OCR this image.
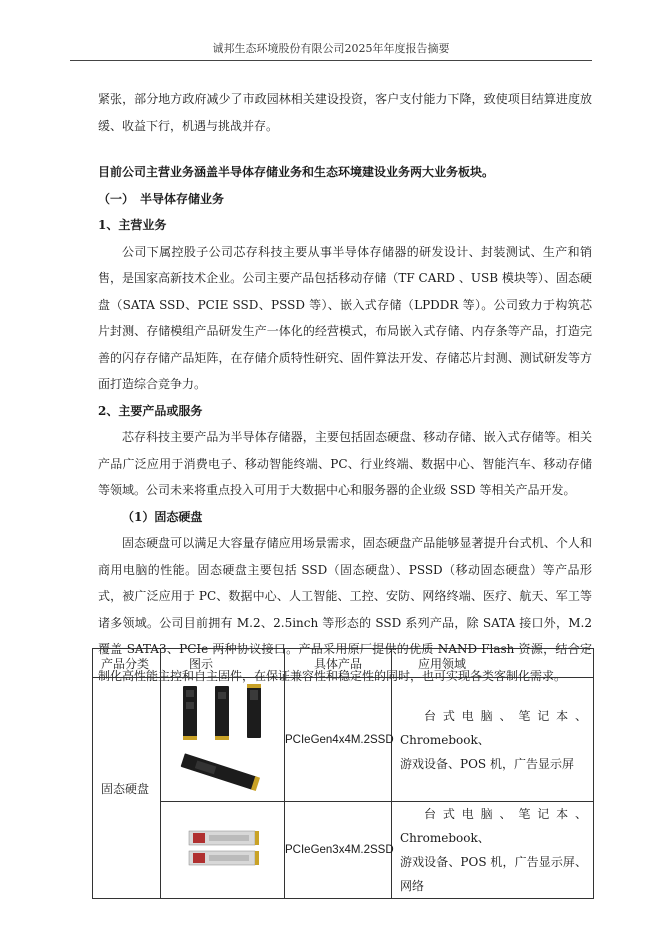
诚邦生态环境股份有限公司2025年年度报告摘要

紧张，部分地方政府减少了市政园林相关建设投资，客户支付能力下降，致使项目结算进度放缓、收益下行，机遇与挑战并存。

目前公司主营业务涵盖半导体存储业务和生态环境建设业务两大业务板块。

（一）　半导体存储业务

1、主营业务

公司下属控股子公司芯存科技主要从事半导体存储器的研发设计、封装测试、生产和销售，是国家高新技术企业。公司主要产品包括移动存储（TF CARD 、USB 模块等）、固态硬盘（SATA SSD、PCIE SSD、PSSD 等）、嵌入式存储（LPDDR 等）。公司致力于构筑芯片封测、存储模组产品研发生产一体化的经营模式，布局嵌入式存储、内存条等产品，打造完善的闪存存储产品矩阵，在存储介质特性研究、固件算法开发、存储芯片封测、测试研发等方面打造综合竞争力。

2、主要产品或服务

芯存科技主要产品为半导体存储器，主要包括固态硬盘、移动存储、嵌入式存储等。相关产品广泛应用于消费电子、移动智能终端、PC、行业终端、数据中心、智能汽车、移动存储等领域。公司未来将重点投入可用于大数据中心和服务器的企业级 SSD 等相关产品开发。

（1）固态硬盘

固态硬盘可以满足大容量存储应用场景需求，固态硬盘产品能够显著提升台式机、个人和商用电脑的性能。固态硬盘主要包括 SSD（固态硬盘）、PSSD（移动固态硬盘）等产品形式，被广泛应用于 PC、数据中心、人工智能、工控、安防、网络终端、医疗、航天、军工等诸多领域。公司目前拥有 M.2、2.5inch 等形态的 SSD 系列产品，除 SATA 接口外，M.2 覆盖 SATA3、PCIe 两种协议接口。产品采用原厂提供的优质 NAND Flash 资源，结合定制化高性能主控和自主固件，在保证兼容性和稳定性的同时，也可实现各类客制化需求。

产品分类	图示	具体产品	应用领域
固态硬盘		PCIeGen4x4M.2SSD	台式电脑、笔记本、Chromebook、
游戏设备、POS 机，广告显示屏
	PCIeGen3x4M.2SSD	台式电脑、笔记本、Chromebook、
游戏设备、POS 机，广告显示屏、网络
